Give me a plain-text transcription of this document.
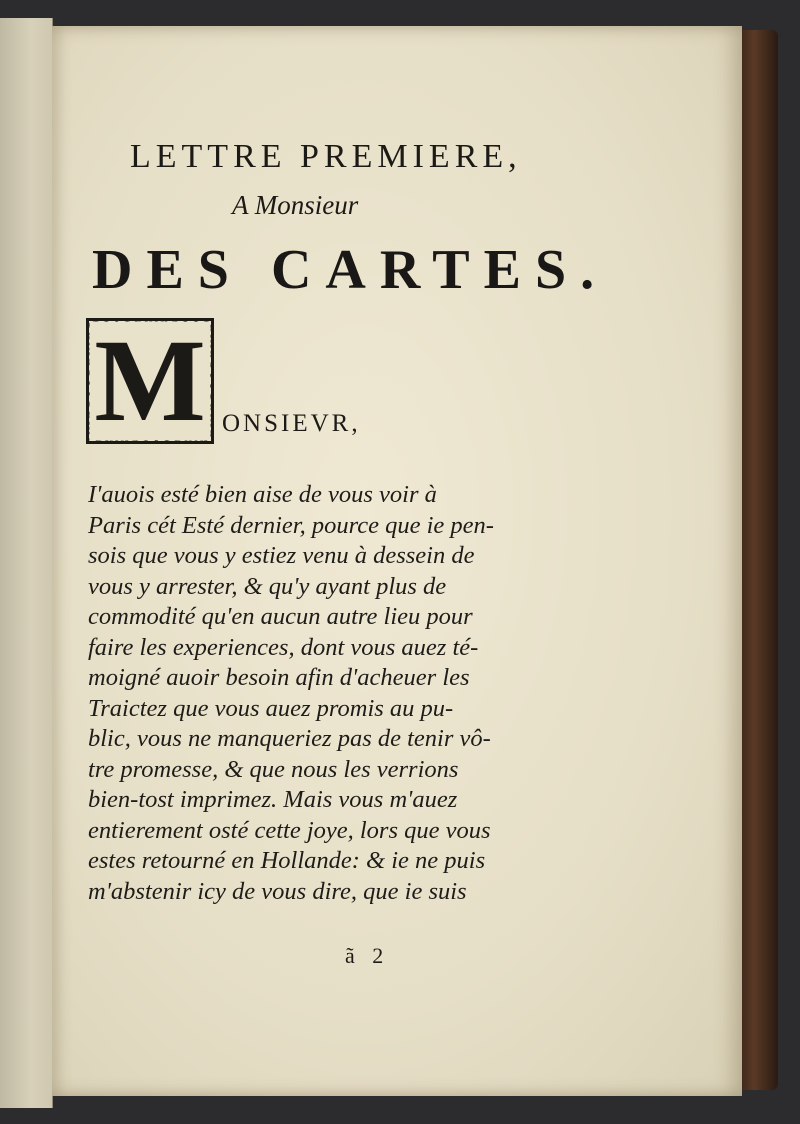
LETTRE PREMIERE,
A Monsieur
DES CARTES.
M ONSIEVR,
I'auois esté bien aise de vous voir à
Paris cét Esté dernier, pource que ie pen-
sois que vous y estiez venu à dessein de
vous y arrester, & qu'y ayant plus de
commodité qu'en aucun autre lieu pour
faire les experiences, dont vous auez té-
moigné auoir besoin afin d'acheuer les
Traictez que vous auez promis au pu-
blic, vous ne manqueriez pas de tenir vô-
tre promesse, & que nous les verrions
bien-tost imprimez. Mais vous m'auez
entierement osté cette joye, lors que vous
estes retourné en Hollande: & ie ne puis
m'abstenir icy de vous dire, que ie suis
ã 2
